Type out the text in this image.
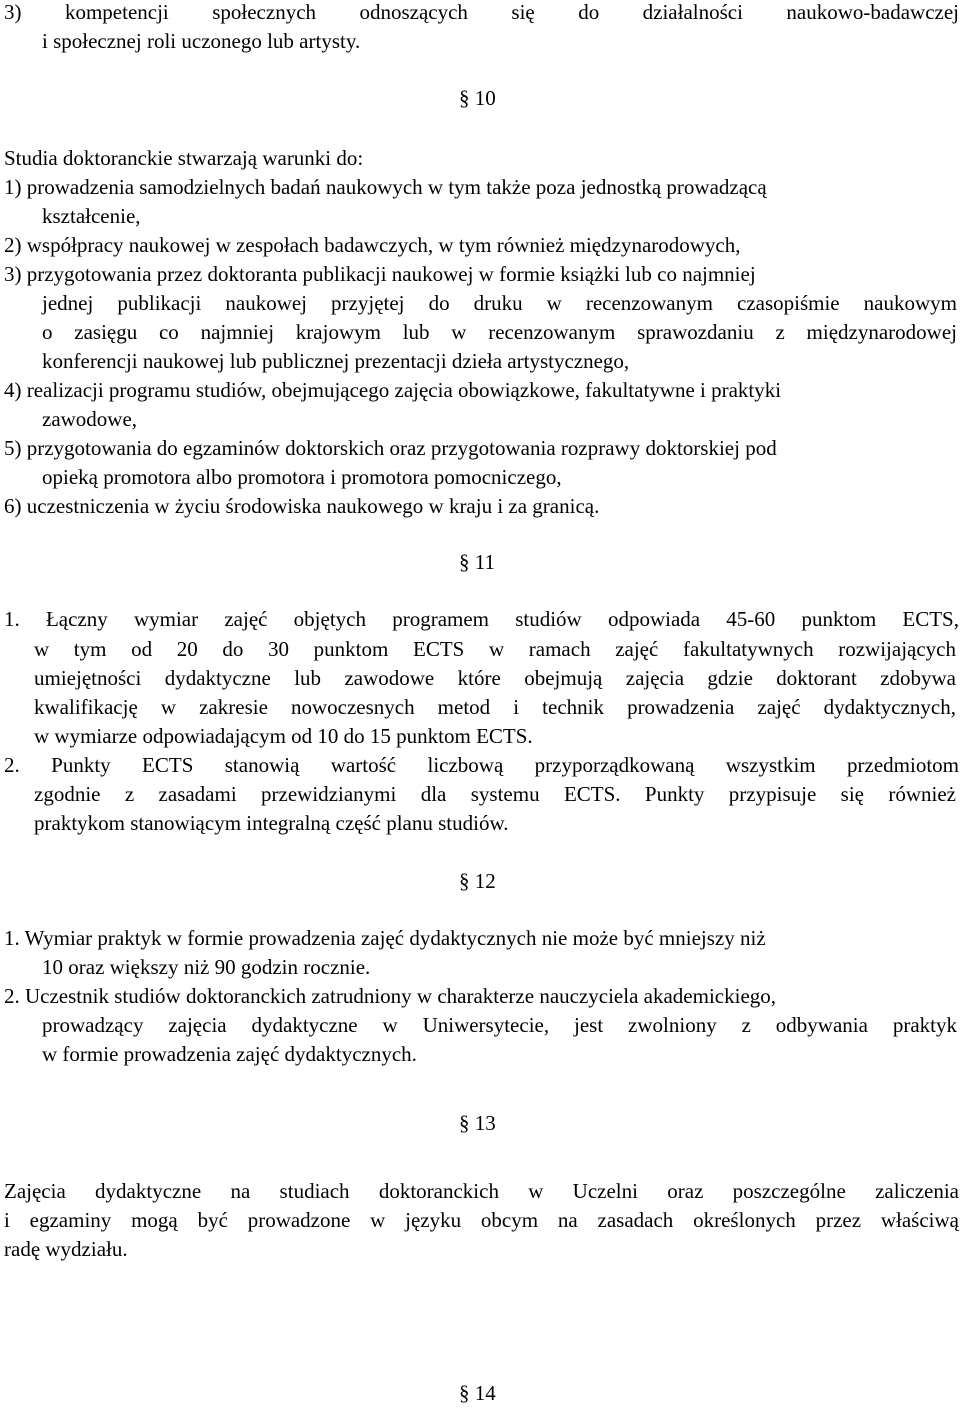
3) kompetencji społecznych odnoszących się do działalności naukowo-badawczej
i społecznej roli uczonego lub artysty.
§ 10
Studia doktoranckie stwarzają warunki do:
1) prowadzenia samodzielnych badań naukowych w tym także poza jednostką prowadzącą
kształcenie,
2) współpracy naukowej w zespołach badawczych, w tym również międzynarodowych,
3) przygotowania przez doktoranta publikacji naukowej w formie książki lub co najmniej
jednej publikacji naukowej przyjętej do druku w recenzowanym czasopiśmie naukowym
o zasięgu co najmniej krajowym lub w recenzowanym sprawozdaniu z międzynarodowej
konferencji naukowej lub publicznej prezentacji dzieła artystycznego,
4) realizacji programu studiów, obejmującego zajęcia obowiązkowe, fakultatywne i praktyki
zawodowe,
5) przygotowania do egzaminów doktorskich oraz przygotowania rozprawy doktorskiej pod
opieką promotora albo promotora i promotora pomocniczego,
6) uczestniczenia w życiu środowiska naukowego w kraju i za granicą.
§ 11
1. Łączny wymiar zajęć objętych programem studiów odpowiada 45-60 punktom ECTS,
w tym od 20 do 30 punktom ECTS w ramach zajęć fakultatywnych rozwijających
umiejętności dydaktyczne lub zawodowe które obejmują zajęcia gdzie doktorant zdobywa
kwalifikację w zakresie nowoczesnych metod i technik prowadzenia zajęć dydaktycznych,
w wymiarze odpowiadającym od 10 do 15 punktom ECTS.
2. Punkty ECTS stanowią wartość liczbową przyporządkowaną wszystkim przedmiotom
zgodnie z zasadami przewidzianymi dla systemu ECTS. Punkty przypisuje się również
praktykom stanowiącym integralną część planu studiów.
§ 12
1. Wymiar praktyk w formie prowadzenia zajęć dydaktycznych nie może być mniejszy niż
10 oraz większy niż 90 godzin rocznie.
2. Uczestnik studiów doktoranckich zatrudniony w charakterze nauczyciela akademickiego,
prowadzący zajęcia dydaktyczne w Uniwersytecie, jest zwolniony z odbywania praktyk
w formie prowadzenia zajęć dydaktycznych.
§ 13
Zajęcia dydaktyczne na studiach doktoranckich w Uczelni oraz poszczególne zaliczenia
i egzaminy mogą być prowadzone w języku obcym na zasadach określonych przez właściwą
radę wydziału.
§ 14
